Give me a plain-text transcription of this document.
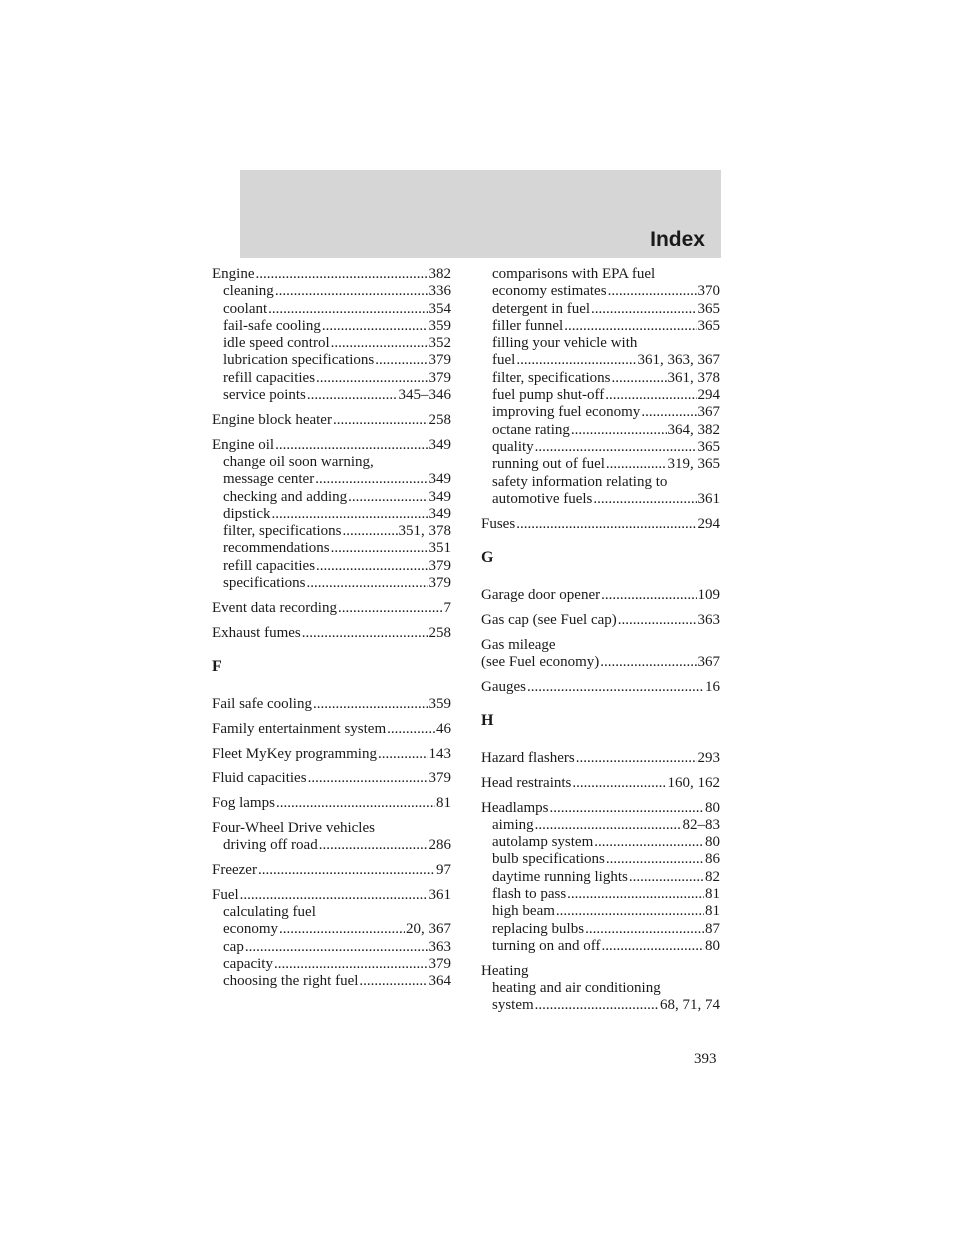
Index
Engine .....	382
cleaning .....	336
coolant .....	354
fail-safe cooling .....	359
idle speed control .....	352
lubrication specifications .....	379
refill capacities .....	379
service points .....	345–346
Engine block heater .....	258
Engine oil .....	349
change oil soon warning,
message center .....	349
checking and adding .....	349
dipstick .....	349
filter, specifications .....	351, 378
recommendations .....	351
refill capacities .....	379
specifications .....	379
Event data recording .....	7
Exhaust fumes .....	258
F
Fail safe cooling .....	359
Family entertainment system .....	46
Fleet MyKey programming .....	143
Fluid capacities .....	379
Fog lamps .....	81
Four-Wheel Drive vehicles
driving off road .....	286
Freezer .....	97
Fuel .....	361
calculating fuel
economy .....	20, 367
cap .....	363
capacity .....	379
choosing the right fuel .....	364
comparisons with EPA fuel
economy estimates .....	370
detergent in fuel .....	365
filler funnel .....	365
filling your vehicle with
fuel .....	361, 363, 367
filter, specifications .....	361, 378
fuel pump shut-off .....	294
improving fuel economy .....	367
octane rating .....	364, 382
quality .....	365
running out of fuel .....	319, 365
safety information relating to
automotive fuels .....	361
Fuses .....	294
G
Garage door opener .....	109
Gas cap (see Fuel cap) .....	363
Gas mileage
(see Fuel economy) .....	367
Gauges .....	16
H
Hazard flashers .....	293
Head restraints .....	160, 162
Headlamps .....	80
aiming .....	82–83
autolamp system .....	80
bulb specifications .....	86
daytime running lights .....	82
flash to pass .....	81
high beam .....	81
replacing bulbs .....	87
turning on and off .....	80
Heating
heating and air conditioning
system .....	68, 71, 74
393
